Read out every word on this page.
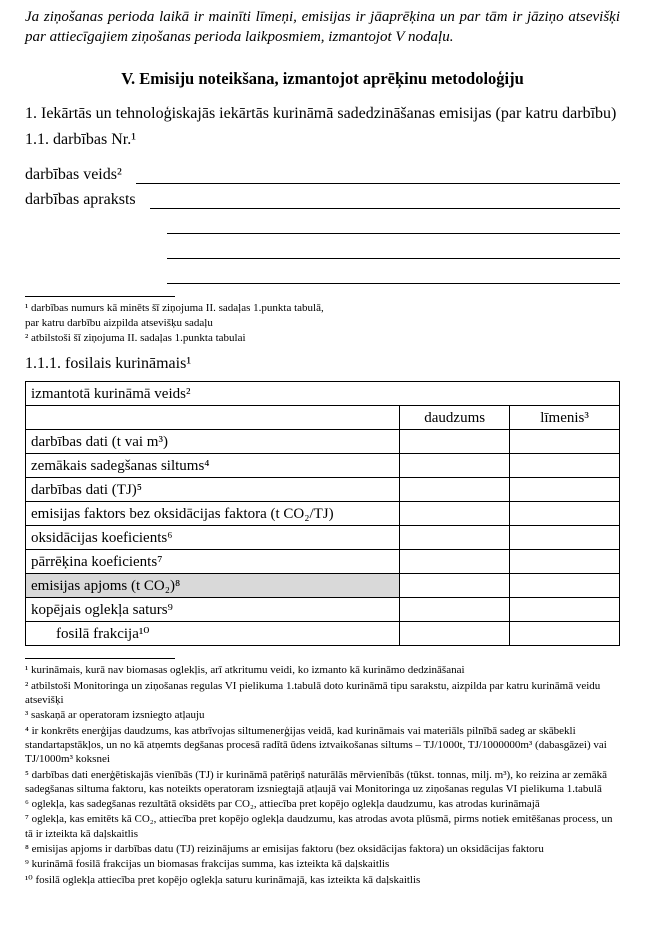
Ja ziņošanas perioda laikā ir mainīti līmeņi, emisijas ir jāaprēķina un par tām ir jāziņo atsevišķi par attiecīgajiem ziņošanas perioda laikposmiem, izmantojot V nodaļu.

V. Emisiju noteikšana, izmantojot aprēķinu metodoloģiju

1. Iekārtās un tehnoloģiskajās iekārtās kurināmā sadedzināšanas emisijas (par katru darbību)

1.1. darbības Nr.¹

darbības veids²
darbības apraksts
¹ darbības numurs kā minēts šī ziņojuma II. sadaļas 1.punkta tabulā,
par katru darbību aizpilda atsevišķu sadaļu
² atbilstoši šī ziņojuma II. sadaļas 1.punkta tabulai

1.1.1. fosilais kurināmais¹

izmantotā kurināmā veids²		
	daudzums	līmenis³
darbības dati (t vai m³)		
zemākais sadegšanas siltums⁴		
darbības dati (TJ)⁵		
emisijas faktors bez oksidācijas faktora (t CO₂/TJ)		
oksidācijas koeficients⁶		
pārrēķina koeficients⁷		
emisijas apjoms (t CO₂)⁸		
kopējais oglekļa saturs⁹		
fosilā frakcija¹⁰		
¹ kurināmais, kurā nav biomasas oglekļis, arī atkritumu veidi, ko izmanto kā kurināmo dedzināšanai
² atbilstoši Monitoringa un ziņošanas regulas VI pielikuma 1.tabulā doto kurināmā tipu sarakstu, aizpilda par katru kurināmā veidu atsevišķi
³ saskaņā ar operatoram izsniegto atļauju
⁴ ir konkrēts enerģijas daudzums, kas atbrīvojas siltumenerģijas veidā, kad kurināmais vai materiāls pilnībā sadeg ar skābekli standartapstākļos, un no kā atņemts degšanas procesā radītā ūdens iztvaikošanas siltums – TJ/1000t, TJ/1000000m³ (dabasgāzei) vai TJ/1000m³ koksnei
⁵ darbības dati enerģētiskajās vienībās (TJ) ir kurināmā patēriņš naturālās mērvienībās (tūkst. tonnas, milj. m³), ko reizina ar zemākā sadegšanas siltuma faktoru, kas noteikts operatoram izsniegtajā atļaujā vai Monitoringa uz ziņošanas regulas VI pielikuma 1.tabulā
⁶ oglekļa, kas sadegšanas rezultātā oksidēts par CO₂, attiecība pret kopējo oglekļa daudzumu, kas atrodas kurināmajā
⁷ oglekļa, kas emitēts kā CO₂, attiecība pret kopējo oglekļa daudzumu, kas atrodas avota plūsmā, pirms notiek emitēšanas process, un tā ir izteikta kā daļskaitlis
⁸ emisijas apjoms ir darbības datu (TJ) reizinājums ar emisijas faktoru (bez oksidācijas faktora) un oksidācijas faktoru
⁹ kurināmā fosilā frakcijas un biomasas frakcijas summa, kas izteikta kā daļskaitlis
¹⁰ fosilā oglekļa attiecība pret kopējo oglekļa saturu kurināmajā, kas izteikta kā daļskaitlis
